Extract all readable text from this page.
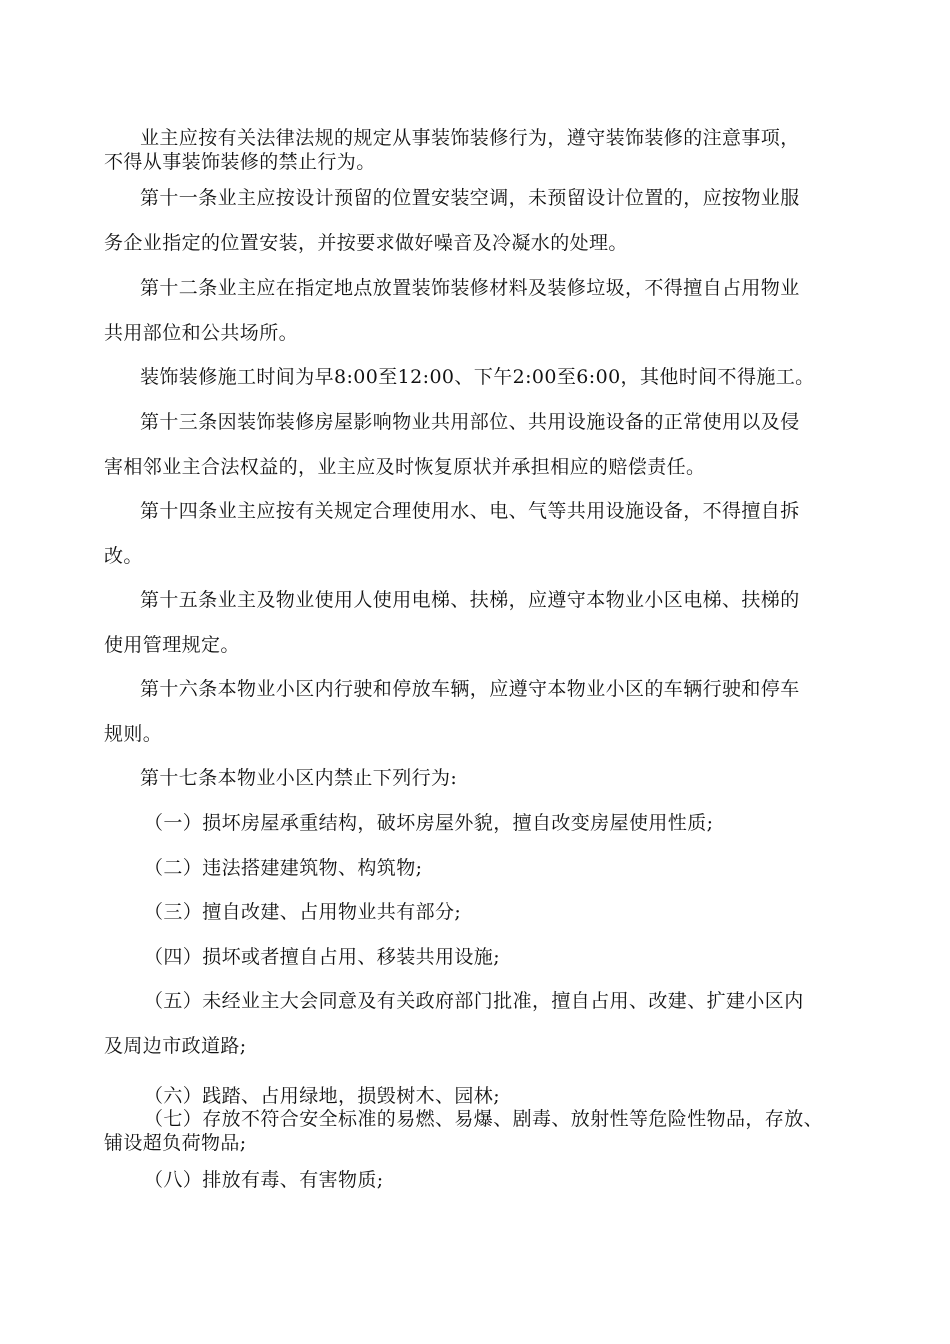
业主应按有关法律法规的规定从事装饰装修行为，遵守装饰装修的注意事项，
不得从事装饰装修的禁止行为。
第十一条业主应按设计预留的位置安装空调，未预留设计位置的，应按物业服
务企业指定的位置安装，并按要求做好噪音及冷凝水的处理。
第十二条业主应在指定地点放置装饰装修材料及装修垃圾，不得擅自占用物业
共用部位和公共场所。
装饰装修施工时间为早8:00至12:00、下午2:00至6:00，其他时间不得施工。
第十三条因装饰装修房屋影响物业共用部位、共用设施设备的正常使用以及侵
害相邻业主合法权益的，业主应及时恢复原状并承担相应的赔偿责任。
第十四条业主应按有关规定合理使用水、电、气等共用设施设备，不得擅自拆
改。
第十五条业主及物业使用人使用电梯、扶梯，应遵守本物业小区电梯、扶梯的
使用管理规定。
第十六条本物业小区内行驶和停放车辆，应遵守本物业小区的车辆行驶和停车
规则。
第十七条本物业小区内禁止下列行为:
（一）损坏房屋承重结构，破坏房屋外貌，擅自改变房屋使用性质;
（二）违法搭建建筑物、构筑物;
（三）擅自改建、占用物业共有部分;
（四）损坏或者擅自占用、移装共用设施;
（五）未经业主大会同意及有关政府部门批准，擅自占用、改建、扩建小区内
及周边市政道路;
（六）践踏、占用绿地，损毁树木、园林;
（七）存放不符合安全标准的易燃、易爆、剧毒、放射性等危险性物品，存放、
铺设超负荷物品;
（八）排放有毒、有害物质;
